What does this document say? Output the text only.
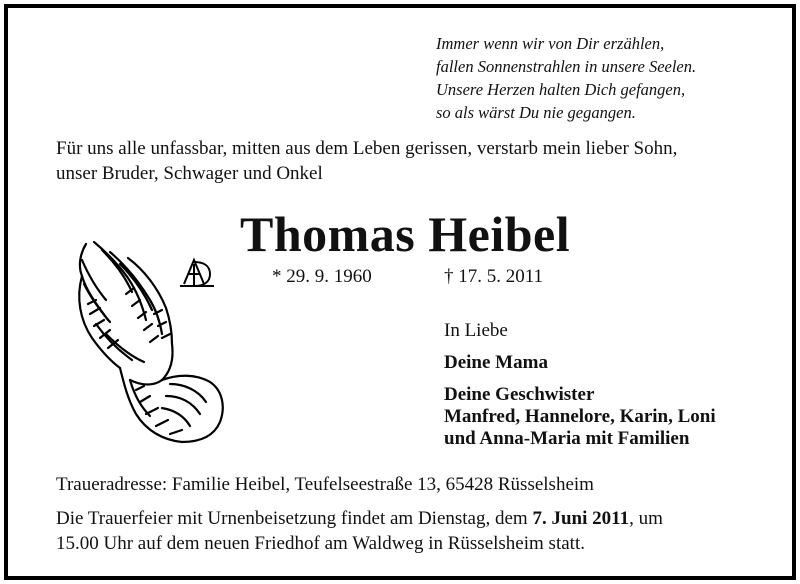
Immer wenn wir von Dir erzählen,
fallen Sonnenstrahlen in unsere Seelen.
Unsere Herzen halten Dich gefangen,
so als wärst Du nie gegangen.
Für uns alle unfassbar, mitten aus dem Leben gerissen, verstarb mein lieber Sohn,
unser Bruder, Schwager und Onkel
Thomas Heibel
* 29. 9. 1960	† 17. 5. 2011
In Liebe
Deine Mama
Deine Geschwister
Manfred, Hannelore, Karin, Loni
und Anna-Maria mit Familien
Traueradresse: Familie Heibel, Teufelseestraße 13, 65428 Rüsselsheim
Die Trauerfeier mit Urnenbeisetzung findet am Dienstag, dem 7. Juni 2011, um
15.00 Uhr auf dem neuen Friedhof am Waldweg in Rüsselsheim statt.
